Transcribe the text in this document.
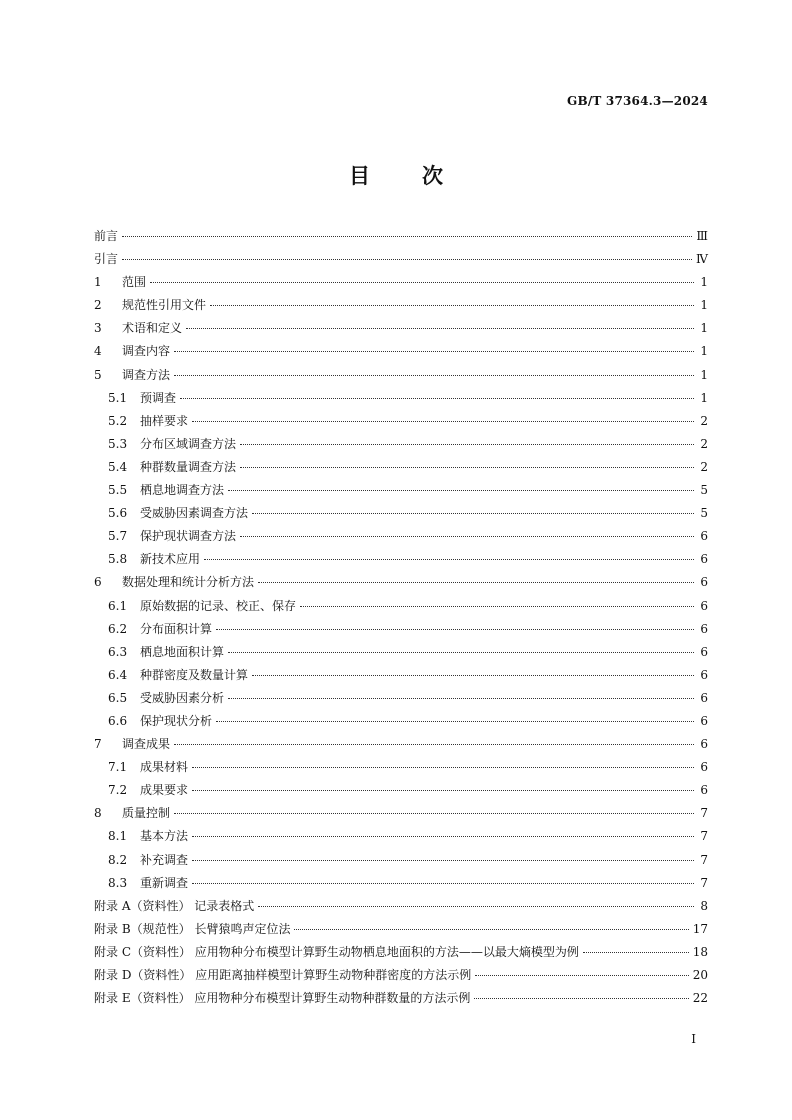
GB/T 37364.3—2024
目 次
前言	Ⅲ
引言	Ⅳ
1	范围	1
2	规范性引用文件	1
3	术语和定义	1
4	调查内容	1
5	调查方法	1
5.1	预调查	1
5.2	抽样要求	2
5.3	分布区域调查方法	2
5.4	种群数量调查方法	2
5.5	栖息地调查方法	5
5.6	受威胁因素调查方法	5
5.7	保护现状调查方法	6
5.8	新技术应用	6
6	数据处理和统计分析方法	6
6.1	原始数据的记录、校正、保存	6
6.2	分布面积计算	6
6.3	栖息地面积计算	6
6.4	种群密度及数量计算	6
6.5	受威胁因素分析	6
6.6	保护现状分析	6
7	调查成果	6
7.1	成果材料	6
7.2	成果要求	6
8	质量控制	7
8.1	基本方法	7
8.2	补充调查	7
8.3	重新调查	7
附录 A（资料性） 记录表格式	8
附录 B（规范性） 长臂猿鸣声定位法	17
附录 C（资料性） 应用物种分布模型计算野生动物栖息地面积的方法——以最大熵模型为例	18
附录 D（资料性） 应用距离抽样模型计算野生动物种群密度的方法示例	20
附录 E（资料性） 应用物种分布模型计算野生动物种群数量的方法示例	22
I
